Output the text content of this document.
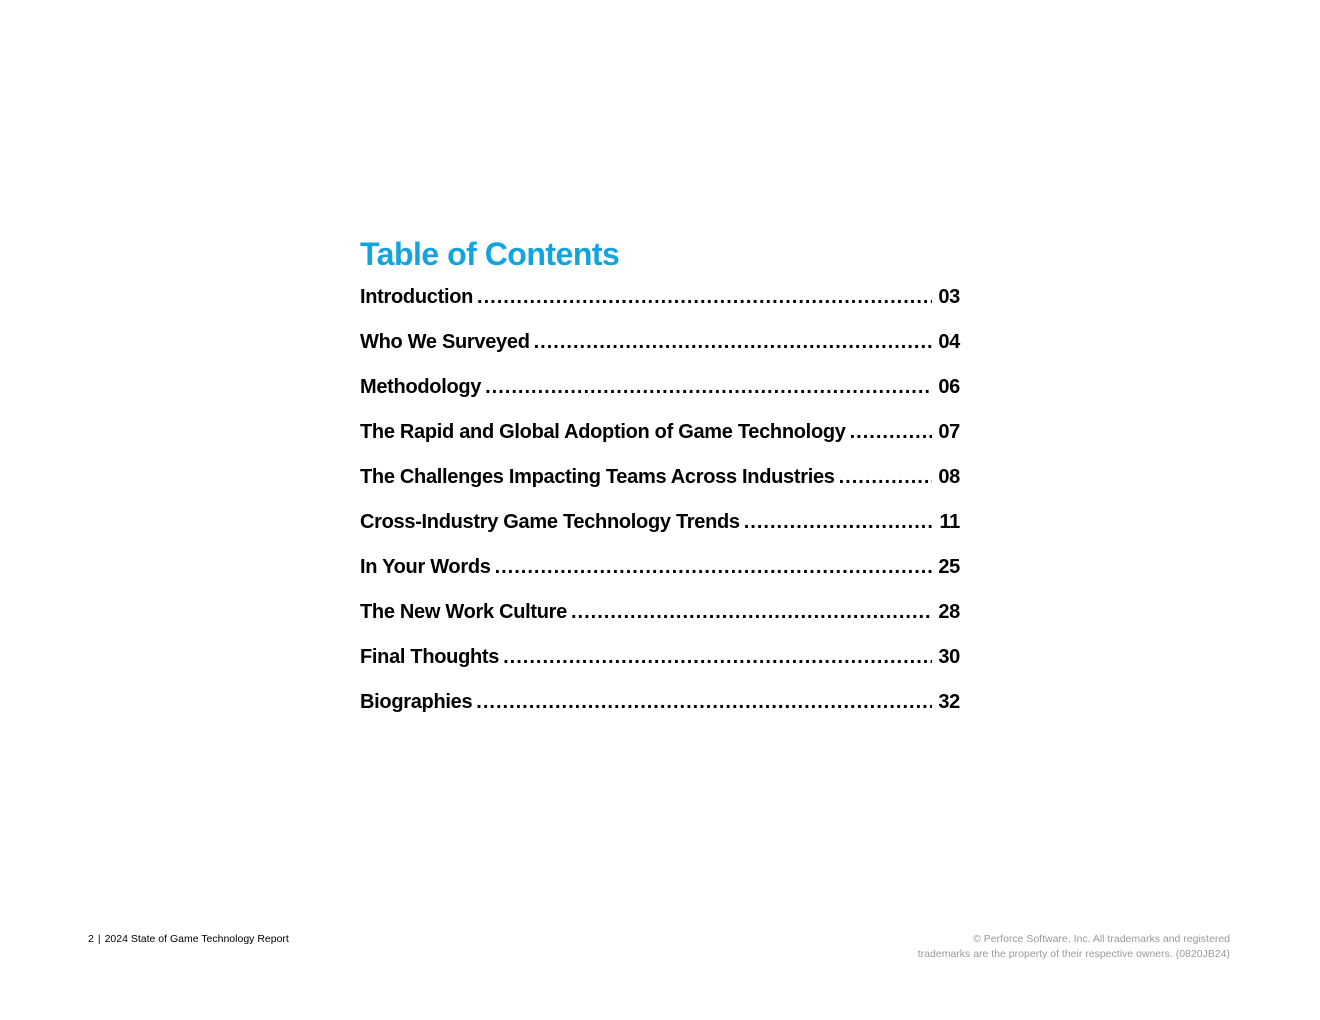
Table of Contents
Introduction .....	03
Who We Surveyed .....	04
Methodology .....	06
The Rapid and Global Adoption of Game Technology .....	07
The Challenges Impacting Teams Across Industries .....	08
Cross-Industry Game Technology Trends .....	11
In Your Words .....	25
The New Work Culture .....	28
Final Thoughts .....	30
Biographies .....	32
2 | 2024 State of Game Technology Report	© Perforce Software, Inc. All trademarks and registered
trademarks are the property of their respective owners. (0820JB24)
